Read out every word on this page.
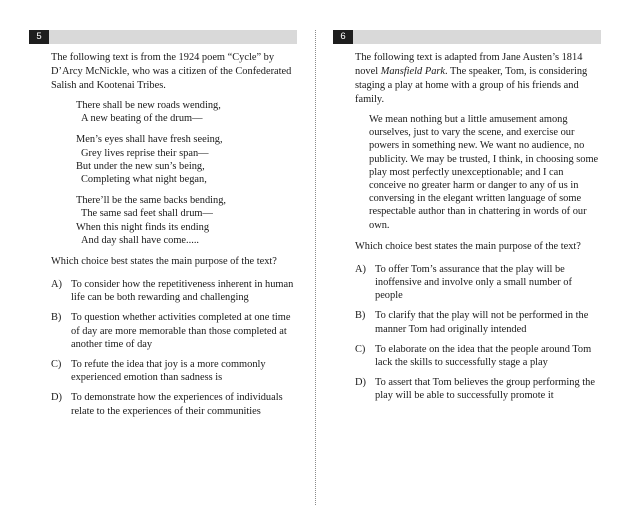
5
The following text is from the 1924 poem “Cycle” by D’Arcy McNickle, who was a citizen of the Confederated Salish and Kootenai Tribes.
There shall be new roads wending,
A new beating of the drum—
Men’s eyes shall have fresh seeing,
Grey lives reprise their span—
But under the new sun’s being,
Completing what night began,
There’ll be the same backs bending,
The same sad feet shall drum—
When this night finds its ending
And day shall have come.....
Which choice best states the main purpose of the text?
A) To consider how the repetitiveness inherent in human life can be both rewarding and challenging
B) To question whether activities completed at one time of day are more memorable than those completed at another time of day
C) To refute the idea that joy is a more commonly experienced emotion than sadness is
D) To demonstrate how the experiences of individuals relate to the experiences of their communities
6
The following text is adapted from Jane Austen’s 1814 novel Mansfield Park. The speaker, Tom, is considering staging a play at home with a group of his friends and family.
We mean nothing but a little amusement among ourselves, just to vary the scene, and exercise our powers in something new. We want no audience, no publicity. We may be trusted, I think, in choosing some play most perfectly unexceptionable; and I can conceive no greater harm or danger to any of us in conversing in the elegant written language of some respectable author than in chattering in words of our own.
Which choice best states the main purpose of the text?
A) To offer Tom’s assurance that the play will be inoffensive and involve only a small number of people
B) To clarify that the play will not be performed in the manner Tom had originally intended
C) To elaborate on the idea that the people around Tom lack the skills to successfully stage a play
D) To assert that Tom believes the group performing the play will be able to successfully promote it
